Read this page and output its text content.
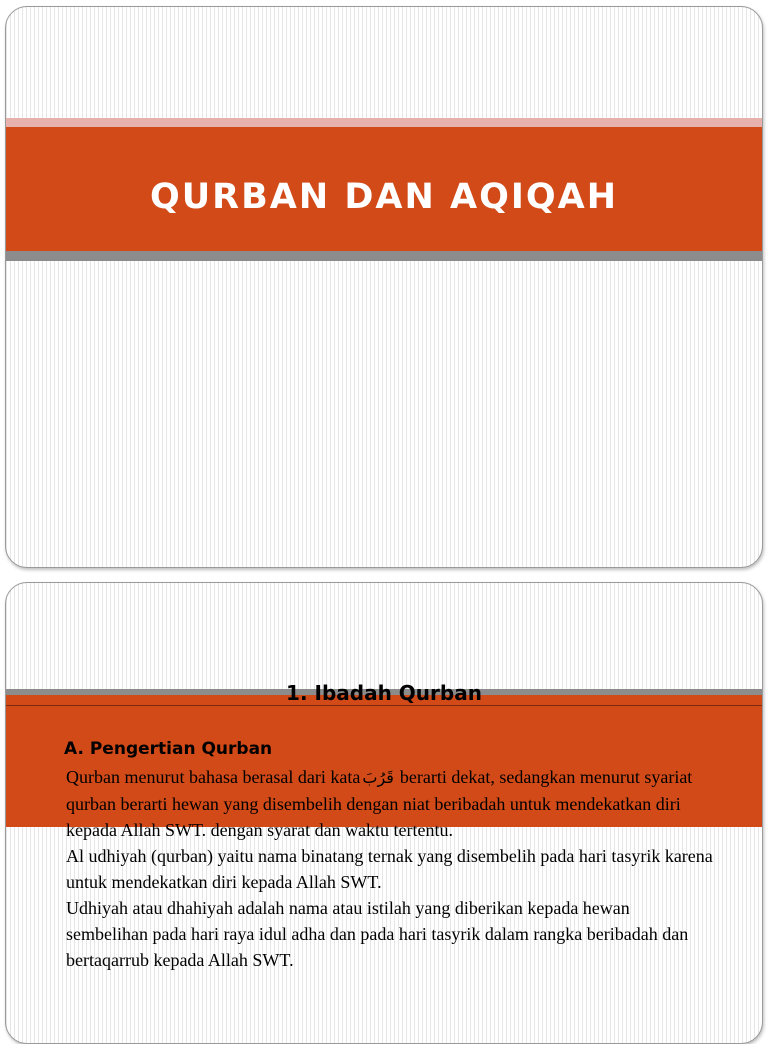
QURBAN DAN AQIQAH
1. Ibadah Qurban
A. Pengertian Qurban

Qurban menurut bahasa berasal dari kata قَرُبَ berarti dekat, sedangkan menurut syariat qurban berarti hewan yang disembelih dengan niat beribadah untuk mendekatkan diri kepada Allah SWT. dengan syarat dan waktu tertentu.

Al udhiyah (qurban) yaitu nama binatang ternak yang disembelih pada hari tasyrik karena untuk mendekatkan diri kepada Allah SWT.

Udhiyah atau dhahiyah adalah nama atau istilah yang diberikan kepada hewan sembelihan pada hari raya idul adha dan pada hari tasyrik dalam rangka beribadah dan bertaqarrub kepada Allah SWT.
